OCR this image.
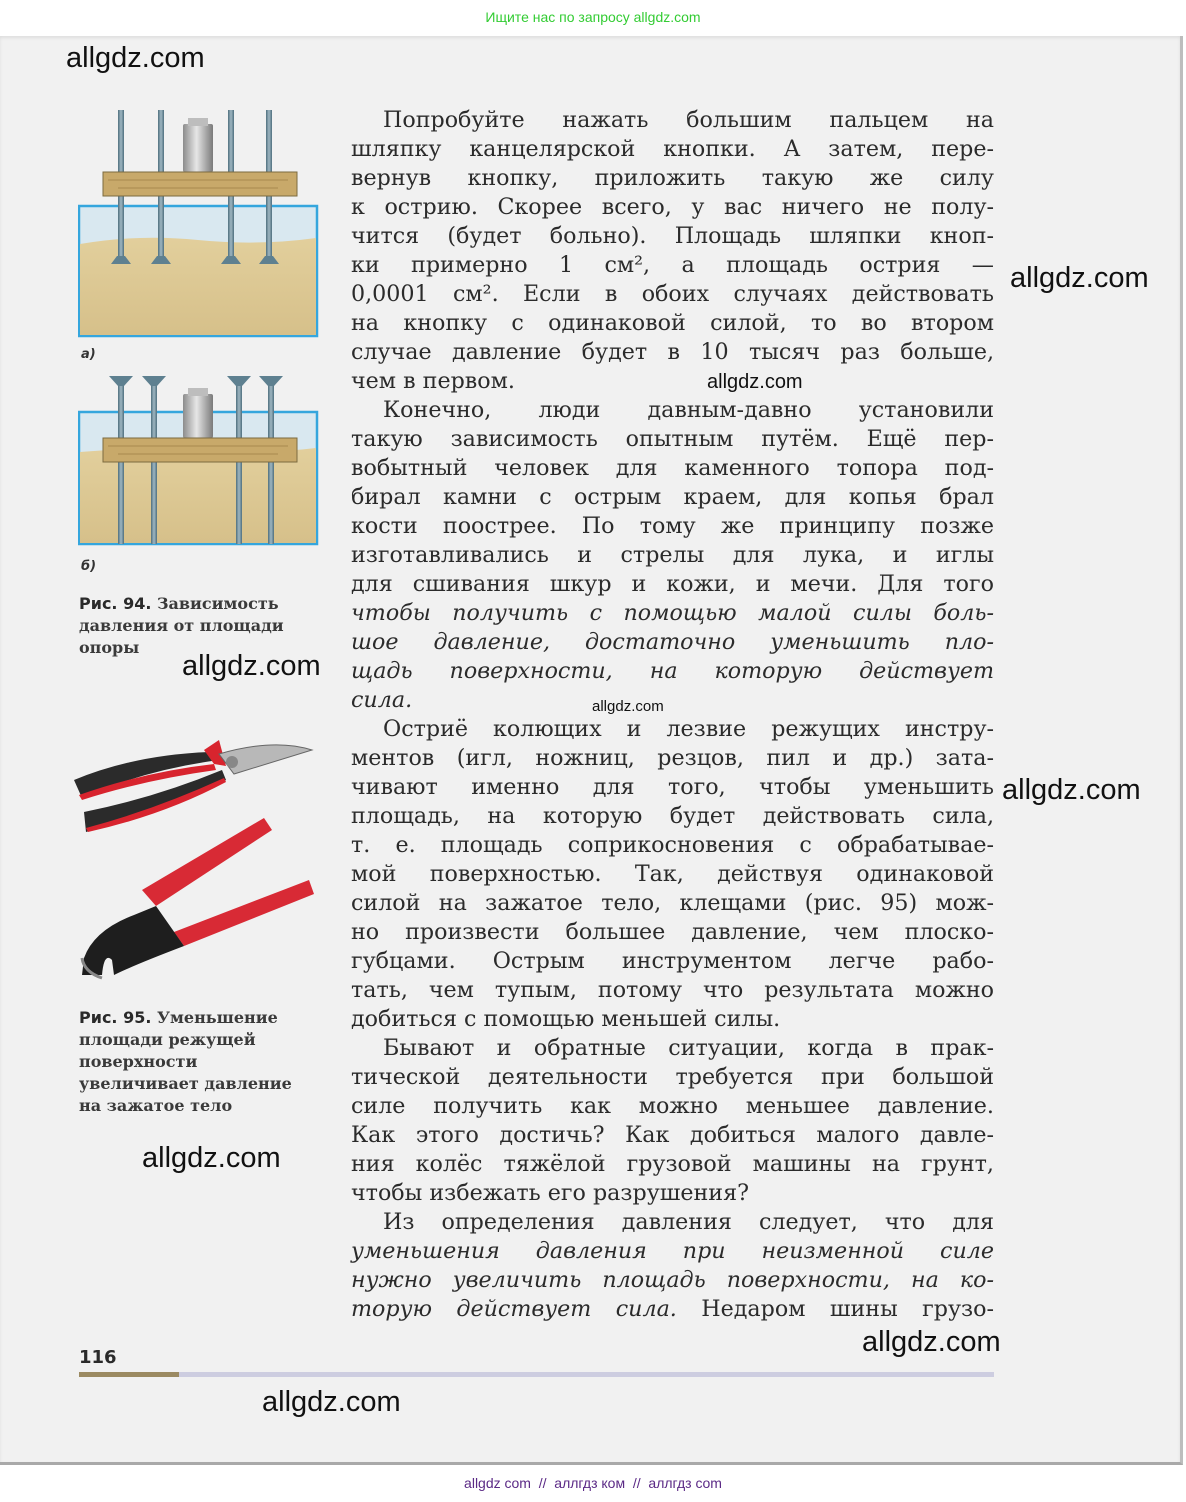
Ищите нас по запросу allgdz.com
а)
б)
Рис. 94. Зависимость
давления от площади
опоры
Рис. 95. Уменьшение
площади режущей
поверхности
увеличивает давление
на зажатое тело
Попробуйте нажать большим пальцем на
шляпку канцелярской кнопки. А затем, пере-
вернув кнопку, приложить такую же силу
к острию. Скорее всего, у вас ничего не полу-
чится (будет больно). Площадь шляпки кноп-
ки примерно 1 см², а площадь острия —
0,0001 см². Если в обоих случаях действовать
на кнопку с одинаковой силой, то во втором
случае давление будет в 10 тысяч раз больше,
чем в первом.
Конечно, люди давным-давно установили
такую зависимость опытным путём. Ещё пер-
вобытный человек для каменного топора под-
бирал камни с острым краем, для копья брал
кости поострее. По тому же принципу позже
изготавливались и стрелы для лука, и иглы
для сшивания шкур и кожи, и мечи. Для того
чтобы получить с помощью малой силы боль-
шое давление, достаточно уменьшить пло-
щадь поверхности, на которую действует
сила.
Остриё колющих и лезвие режущих инстру-
ментов (игл, ножниц, резцов, пил и др.) зата-
чивают именно для того, чтобы уменьшить
площадь, на которую будет действовать сила,
т. е. площадь соприкосновения с обрабатывае-
мой поверхностью. Так, действуя одинаковой
силой на зажатое тело, клещами (рис. 95) мож-
но произвести большее давление, чем плоско-
губцами. Острым инструментом легче рабо-
тать, чем тупым, потому что результата можно
добиться с помощью меньшей силы.
Бывают и обратные ситуации, когда в прак-
тической деятельности требуется при большой
силе получить как можно меньшее давление.
Как этого достичь? Как добиться малого давле-
ния колёс тяжёлой грузовой машины на грунт,
чтобы избежать его разрушения?
Из определения давления следует, что для
уменьшения давления при неизменной силе
нужно увеличить площадь поверхности, на ко-
торую действует сила. Недаром шины грузо-
116
allgdz.com
allgdz.com
allgdz.com
allgdz.com
allgdz.com
allgdz.com
allgdz.com
allgdz.com
allgdz.com
allgdz com  //  аллгдз ком  //  аллгдз com
